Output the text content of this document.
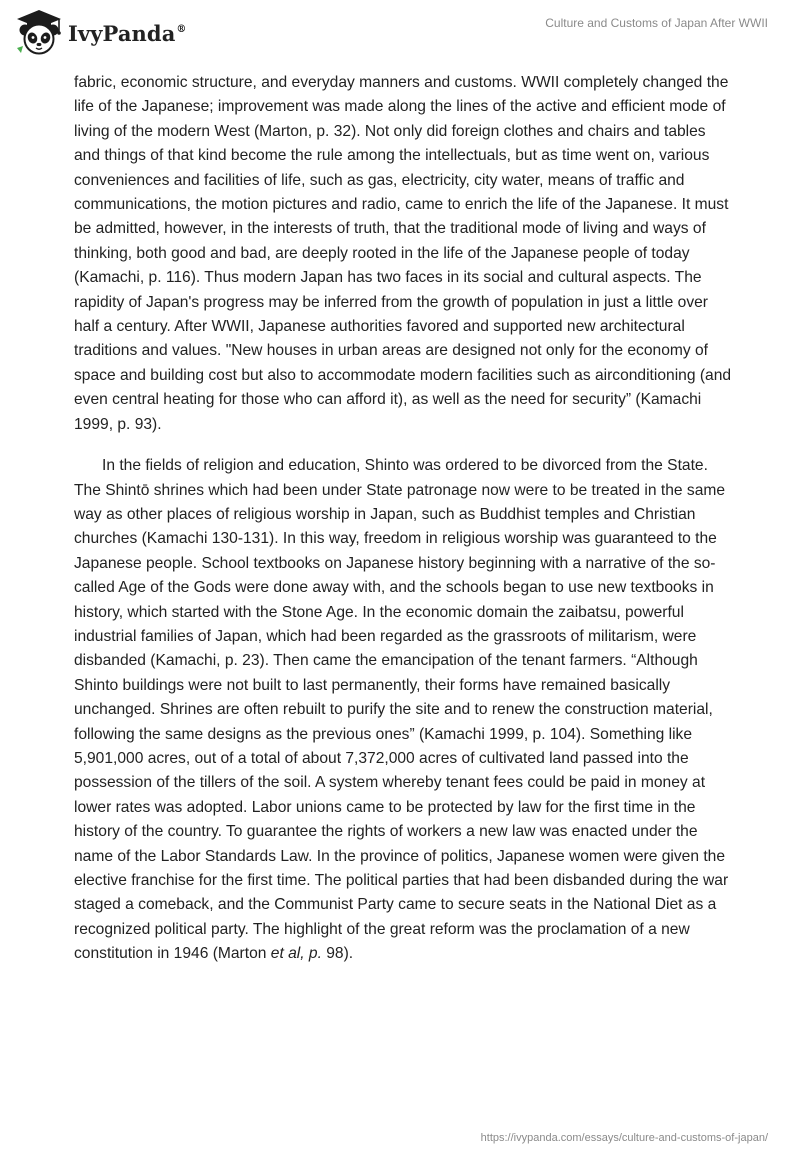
IvyPanda®	Culture and Customs of Japan After WWII

fabric, economic structure, and everyday manners and customs. WWII completely changed the life of the Japanese; improvement was made along the lines of the active and efficient mode of living of the modern West (Marton, p. 32). Not only did foreign clothes and chairs and tables and things of that kind become the rule among the intellectuals, but as time went on, various conveniences and facilities of life, such as gas, electricity, city water, means of traffic and communications, the motion pictures and radio, came to enrich the life of the Japanese. It must be admitted, however, in the interests of truth, that the traditional mode of living and ways of thinking, both good and bad, are deeply rooted in the life of the Japanese people of today (Kamachi, p. 116). Thus modern Japan has two faces in its social and cultural aspects. The rapidity of Japan's progress may be inferred from the growth of population in just a little over half a century. After WWII, Japanese authorities favored and supported new architectural traditions and values. "New houses in urban areas are designed not only for the economy of space and building cost but also to accommodate modern facilities such as airconditioning (and even central heating for those who can afford it), as well as the need for security” (Kamachi 1999, p. 93).

In the fields of religion and education, Shinto was ordered to be divorced from the State. The Shintō shrines which had been under State patronage now were to be treated in the same way as other places of religious worship in Japan, such as Buddhist temples and Christian churches (Kamachi 130-131). In this way, freedom in religious worship was guaranteed to the Japanese people. School textbooks on Japanese history beginning with a narrative of the so-called Age of the Gods were done away with, and the schools began to use new textbooks in history, which started with the Stone Age. In the economic domain the zaibatsu, powerful industrial families of Japan, which had been regarded as the grassroots of militarism, were disbanded (Kamachi, p. 23). Then came the emancipation of the tenant farmers. “Although Shinto buildings were not built to last permanently, their forms have remained basically unchanged. Shrines are often rebuilt to purify the site and to renew the construction material, following the same designs as the previous ones” (Kamachi 1999, p. 104). Something like 5,901,000 acres, out of a total of about 7,372,000 acres of cultivated land passed into the possession of the tillers of the soil. A system whereby tenant fees could be paid in money at lower rates was adopted. Labor unions came to be protected by law for the first time in the history of the country. To guarantee the rights of workers a new law was enacted under the name of the Labor Standards Law. In the province of politics, Japanese women were given the elective franchise for the first time. The political parties that had been disbanded during the war staged a comeback, and the Communist Party came to secure seats in the National Diet as a recognized political party. The highlight of the great reform was the proclamation of a new constitution in 1946 (Marton et al, p. 98).

https://ivypanda.com/essays/culture-and-customs-of-japan/
